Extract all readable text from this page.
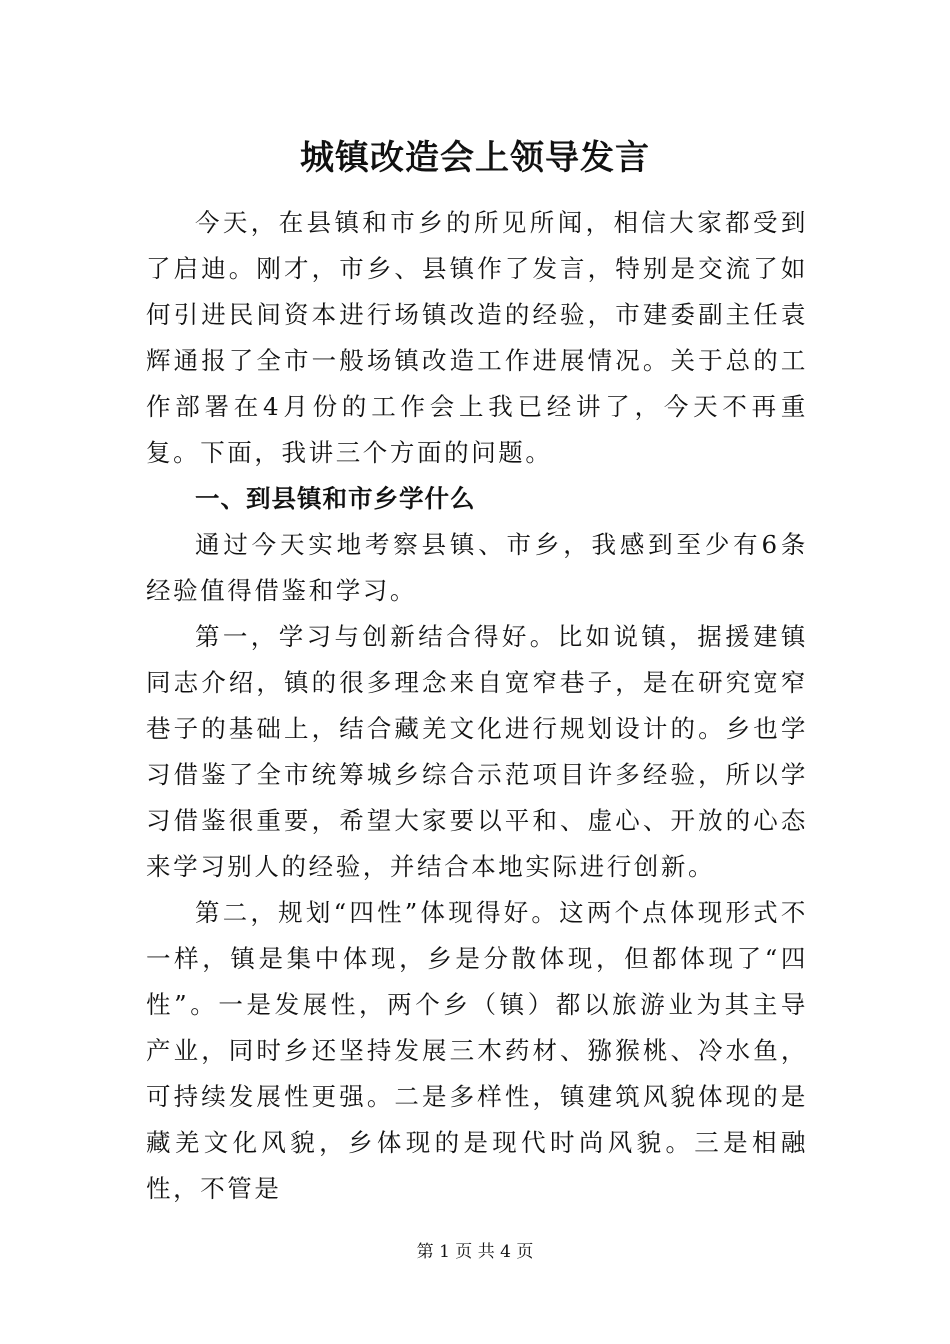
城镇改造会上领导发言

今天，在县镇和市乡的所见所闻，相信大家都受到了启迪。刚才，市乡、县镇作了发言，特别是交流了如何引进民间资本进行场镇改造的经验，市建委副主任袁辉通报了全市一般场镇改造工作进展情况。关于总的工作部署在4月份的工作会上我已经讲了，今天不再重复。下面，我讲三个方面的问题。

一、到县镇和市乡学什么

通过今天实地考察县镇、市乡，我感到至少有6条经验值得借鉴和学习。

第一，学习与创新结合得好。比如说镇，据援建镇同志介绍，镇的很多理念来自宽窄巷子，是在研究宽窄巷子的基础上，结合藏羌文化进行规划设计的。乡也学习借鉴了全市统筹城乡综合示范项目许多经验，所以学习借鉴很重要，希望大家要以平和、虚心、开放的心态来学习别人的经验，并结合本地实际进行创新。

第二，规划“四性”体现得好。这两个点体现形式不一样，镇是集中体现，乡是分散体现，但都体现了“四性”。一是发展性，两个乡（镇）都以旅游业为其主导产业，同时乡还坚持发展三木药材、猕猴桃、冷水鱼，可持续发展性更强。二是多样性，镇建筑风貌体现的是藏羌文化风貌，乡体现的是现代时尚风貌。三是相融性，不管是

第 1 页 共 4 页
